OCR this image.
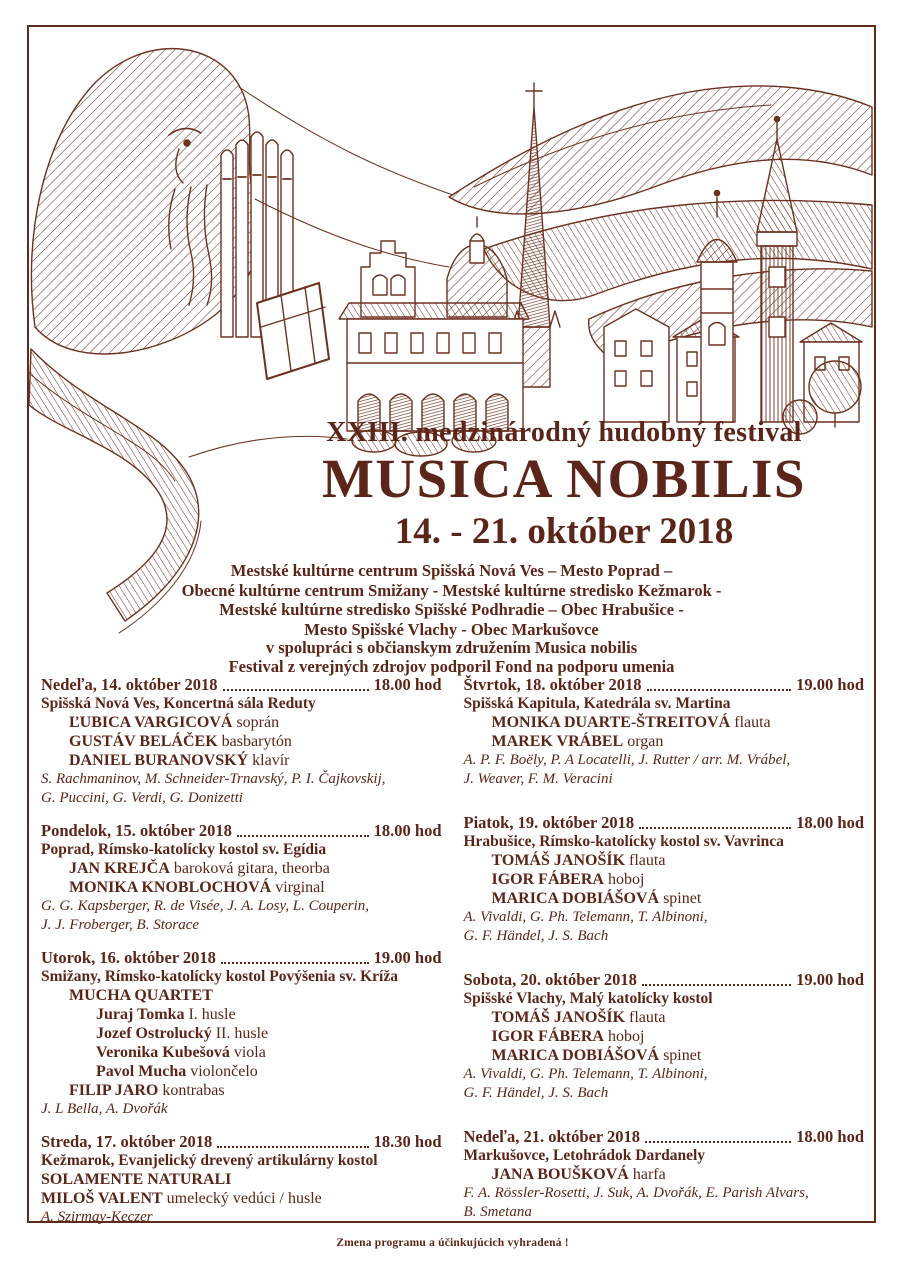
XXIII. medzinárodný hudobný festival
MUSICA NOBILIS
14. - 21. október 2018
Mestské kultúrne centrum Spišská Nová Ves – Mesto Poprad –
Obecné kultúrne centrum Smižany - Mestské kultúrne stredisko Kežmarok -
Mestské kultúrne stredisko Spišské Podhradie – Obec Hrabušice -
Mesto Spišské Vlachy - Obec Markušovce
v spolupráci s občianskym združením Musica nobilis
Festival z verejných zdrojov podporil Fond na podporu umenia
Nedeľa, 14. október 2018	18.00 hod
Spišská Nová Ves, Koncertná sála Reduty
ĽUBICA VARGICOVÁ soprán
GUSTÁV BELÁČEK basbarytón
DANIEL BURANOVSKÝ klavír
S. Rachmaninov, M. Schneider-Trnavský, P. I. Čajkovskij,
G. Puccini, G. Verdi, G. Donizetti
Pondelok, 15. október 2018	18.00 hod
Poprad, Rímsko-katolícky kostol sv. Egídia
JAN KREJČA baroková gitara, theorba
MONIKA KNOBLOCHOVÁ virginal
G. G. Kapsberger, R. de Visée, J. A. Losy, L. Couperin,
J. J. Froberger, B. Storace
Utorok, 16. október 2018	19.00 hod
Smižany, Rímsko-katolícky kostol Povýšenia sv. Kríža
MUCHA QUARTET
Juraj Tomka I. husle
Jozef Ostrolucký II. husle
Veronika Kubešová viola
Pavol Mucha violončelo
FILIP JARO kontrabas
J. L Bella, A. Dvořák
Streda, 17. október 2018	18.30 hod
Kežmarok, Evanjelický drevený artikulárny kostol
SOLAMENTE NATURALI
MILOŠ VALENT umelecký vedúci / husle
A. Szirmay-Keczer
Štvrtok, 18. október 2018	19.00 hod
Spišská Kapitula, Katedrála sv. Martina
MONIKA DUARTE-ŠTREITOVÁ flauta
MAREK VRÁBEL organ
A. P. F. Boëly, P. A Locatelli, J. Rutter / arr. M. Vrábel,
J. Weaver, F. M. Veracini
Piatok, 19. október 2018	18.00 hod
Hrabušice, Rímsko-katolícky kostol sv. Vavrinca
TOMÁŠ JANOŠÍK flauta
IGOR FÁBERA hoboj
MARICA DOBIÁŠOVÁ spinet
A. Vivaldi, G. Ph. Telemann, T. Albinoni,
G. F. Händel, J. S. Bach
Sobota, 20. október 2018	19.00 hod
Spišské Vlachy, Malý katolícky kostol
TOMÁŠ JANOŠÍK flauta
IGOR FÁBERA hoboj
MARICA DOBIÁŠOVÁ spinet
A. Vivaldi, G. Ph. Telemann, T. Albinoni,
G. F. Händel, J. S. Bach
Nedeľa, 21. október 2018	18.00 hod
Markušovce, Letohrádok Dardanely
JANA BOUŠKOVÁ harfa
F. A. Rössler-Rosetti, J. Suk, A. Dvořák, E. Parish Alvars,
B. Smetana
Zmena programu a účinkujúcich vyhradená !
